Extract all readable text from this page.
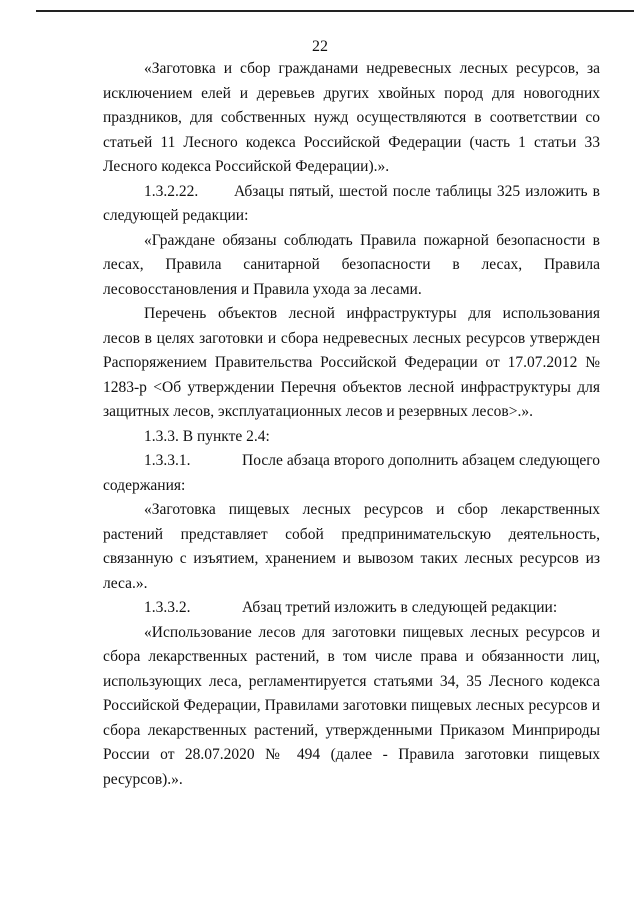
22

«Заготовка и сбор гражданами недревесных лесных ресурсов, за исключением елей и деревьев других хвойных пород для новогодних праздников, для собственных нужд осуществляются в соответствии со статьей 11 Лесного кодекса Российской Федерации (часть 1 статьи 33 Лесного кодекса Российской Федерации).».

1.3.2.22. Абзацы пятый, шестой после таблицы 325 изложить в следующей редакции:

«Граждане обязаны соблюдать Правила пожарной безопасности в лесах, Правила санитарной безопасности в лесах, Правила лесовосстановления и Правила ухода за лесами.

Перечень объектов лесной инфраструктуры для использования лесов в целях заготовки и сбора недревесных лесных ресурсов утвержден Распоряжением Правительства Российской Федерации от 17.07.2012 № 1283-р <Об утверждении Перечня объектов лесной инфраструктуры для защитных лесов, эксплуатационных лесов и резервных лесов>.».

1.3.3. В пункте 2.4:

1.3.3.1.	После абзаца второго дополнить абзацем следующего содержания:

«Заготовка пищевых лесных ресурсов и сбор лекарственных растений представляет собой предпринимательскую деятельность, связанную с изъятием, хранением и вывозом таких лесных ресурсов из леса.».

1.3.3.2.	Абзац третий изложить в следующей редакции:

«Использование лесов для заготовки пищевых лесных ресурсов и сбора лекарственных растений, в том числе права и обязанности лиц, использующих леса, регламентируется статьями 34, 35 Лесного кодекса Российской Федерации, Правилами заготовки пищевых лесных ресурсов и сбора лекарственных растений, утвержденными Приказом Минприроды России от 28.07.2020 № 494 (далее - Правила заготовки пищевых ресурсов).».
